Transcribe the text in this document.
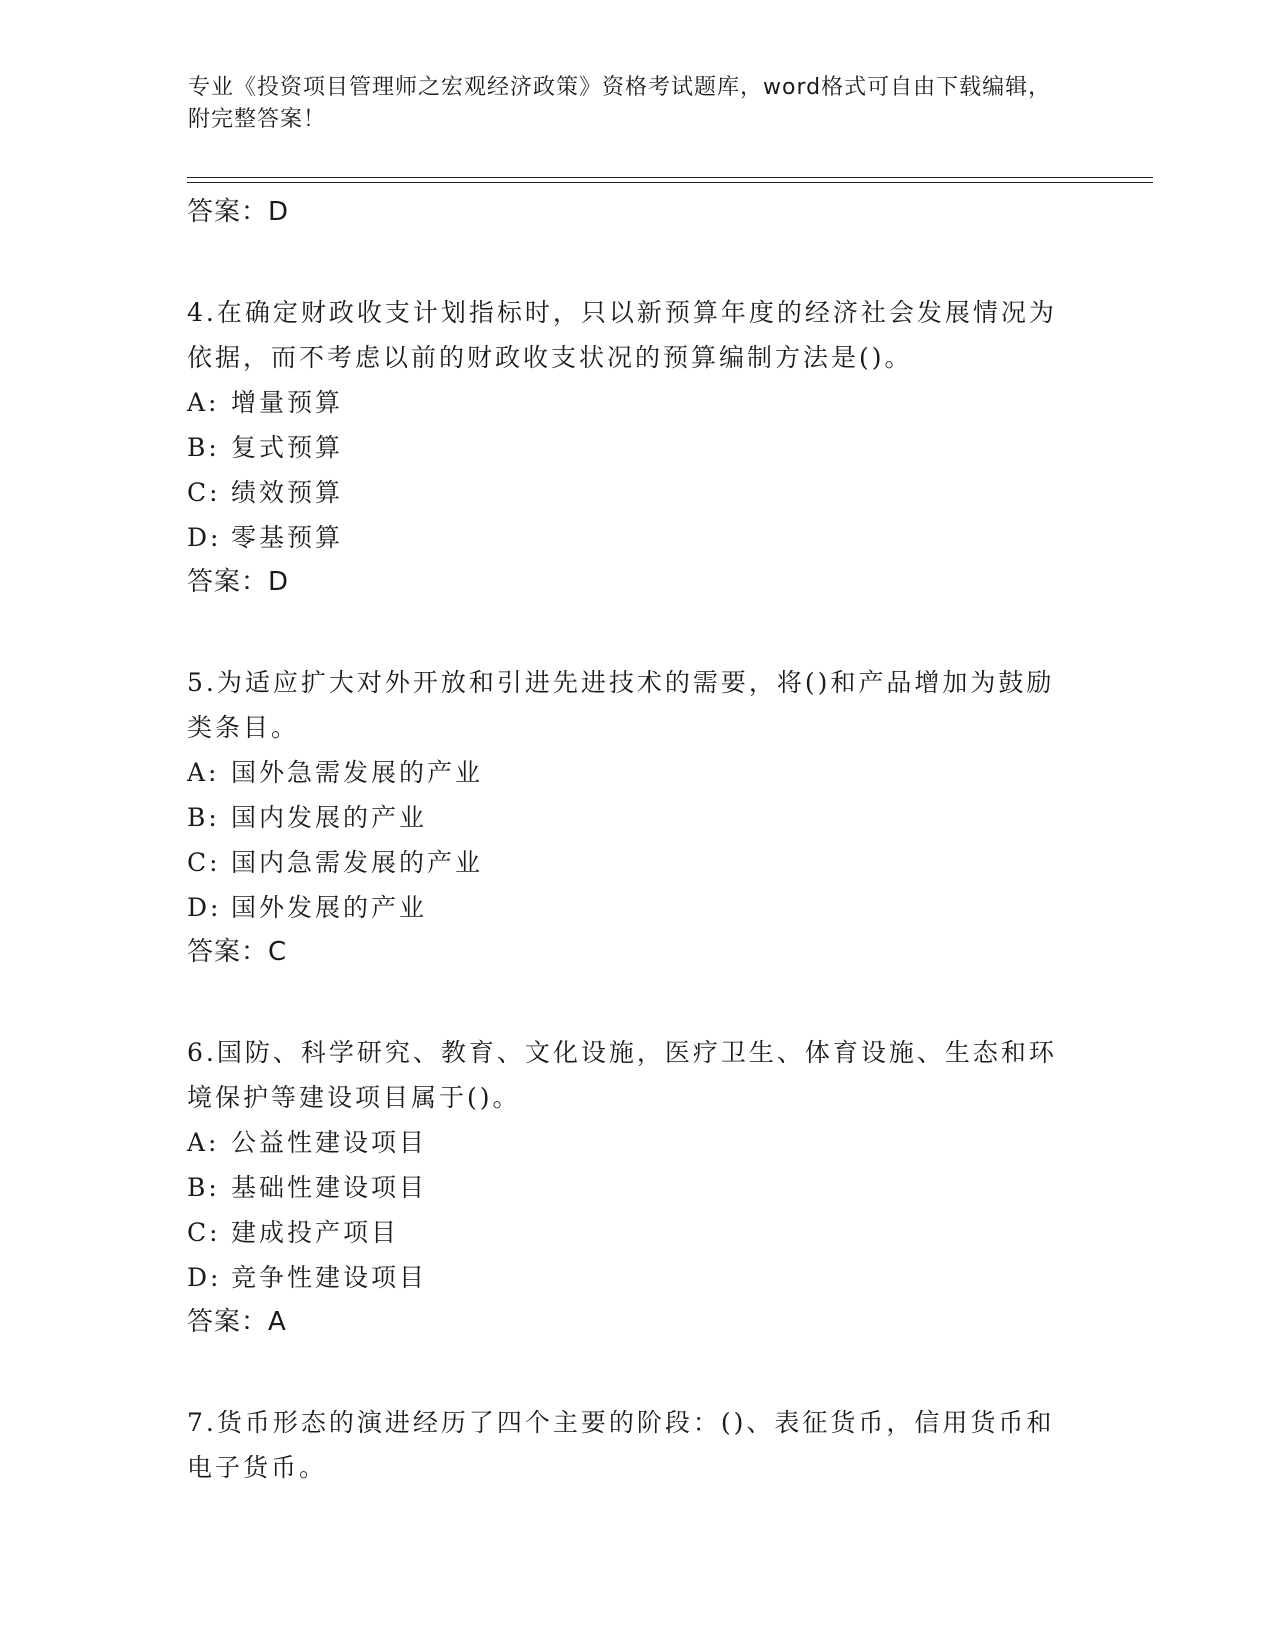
专业《投资项目管理师之宏观经济政策》资格考试题库，word格式可自由下载编辑，附完整答案！
答案：D
4.在确定财政收支计划指标时，只以新预算年度的经济社会发展情况为依据，而不考虑以前的财政收支状况的预算编制方法是()。
A: 增量预算
B: 复式预算
C: 绩效预算
D: 零基预算
答案：D
5.为适应扩大对外开放和引进先进技术的需要，将()和产品增加为鼓励类条目。
A: 国外急需发展的产业
B: 国内发展的产业
C: 国内急需发展的产业
D: 国外发展的产业
答案：C
6.国防、科学研究、教育、文化设施，医疗卫生、体育设施、生态和环境保护等建设项目属于()。
A: 公益性建设项目
B: 基础性建设项目
C: 建成投产项目
D: 竞争性建设项目
答案：A
7.货币形态的演进经历了四个主要的阶段：()、表征货币，信用货币和电子货币。
